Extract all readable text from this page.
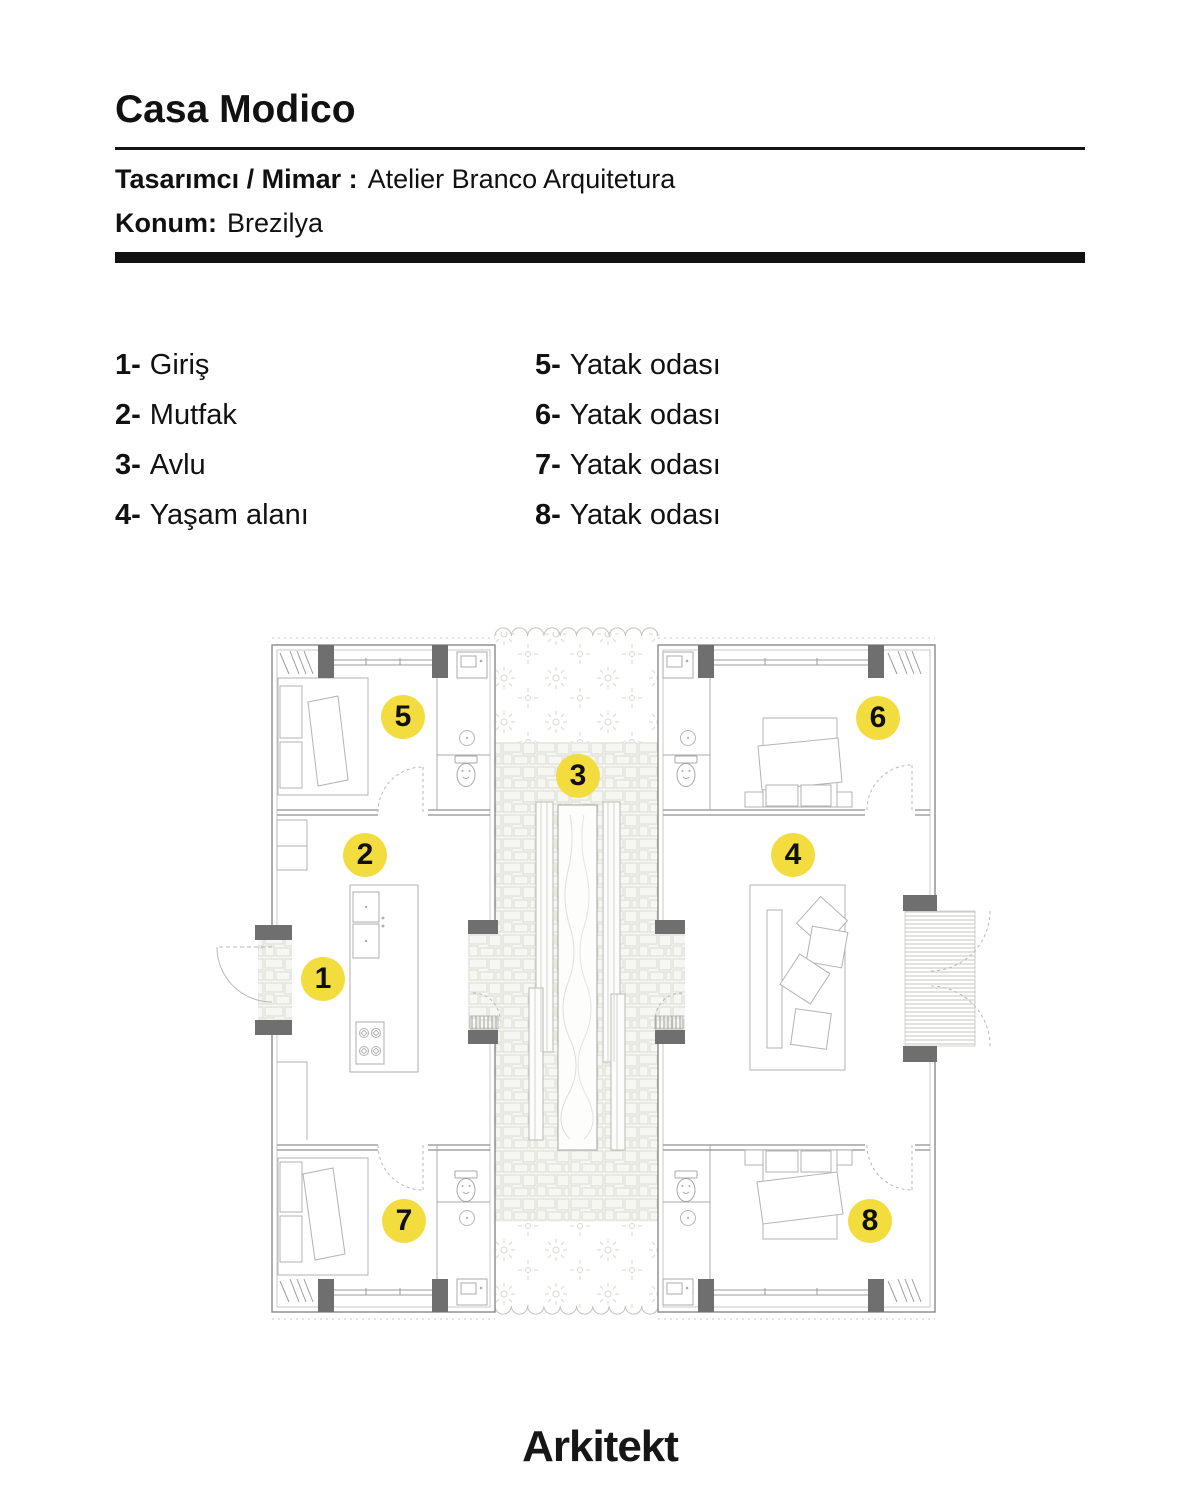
Casa Modico
Tasarımcı / Mimar : Atelier Branco Arquitetura
Konum: Brezilya
1- Giriş
2- Mutfak
3- Avlu
4- Yaşam alanı
5- Yatak odası
6- Yatak odası
7- Yatak odası
8- Yatak odası
1
2
3
4
5	6
7	8
Arkitekt
